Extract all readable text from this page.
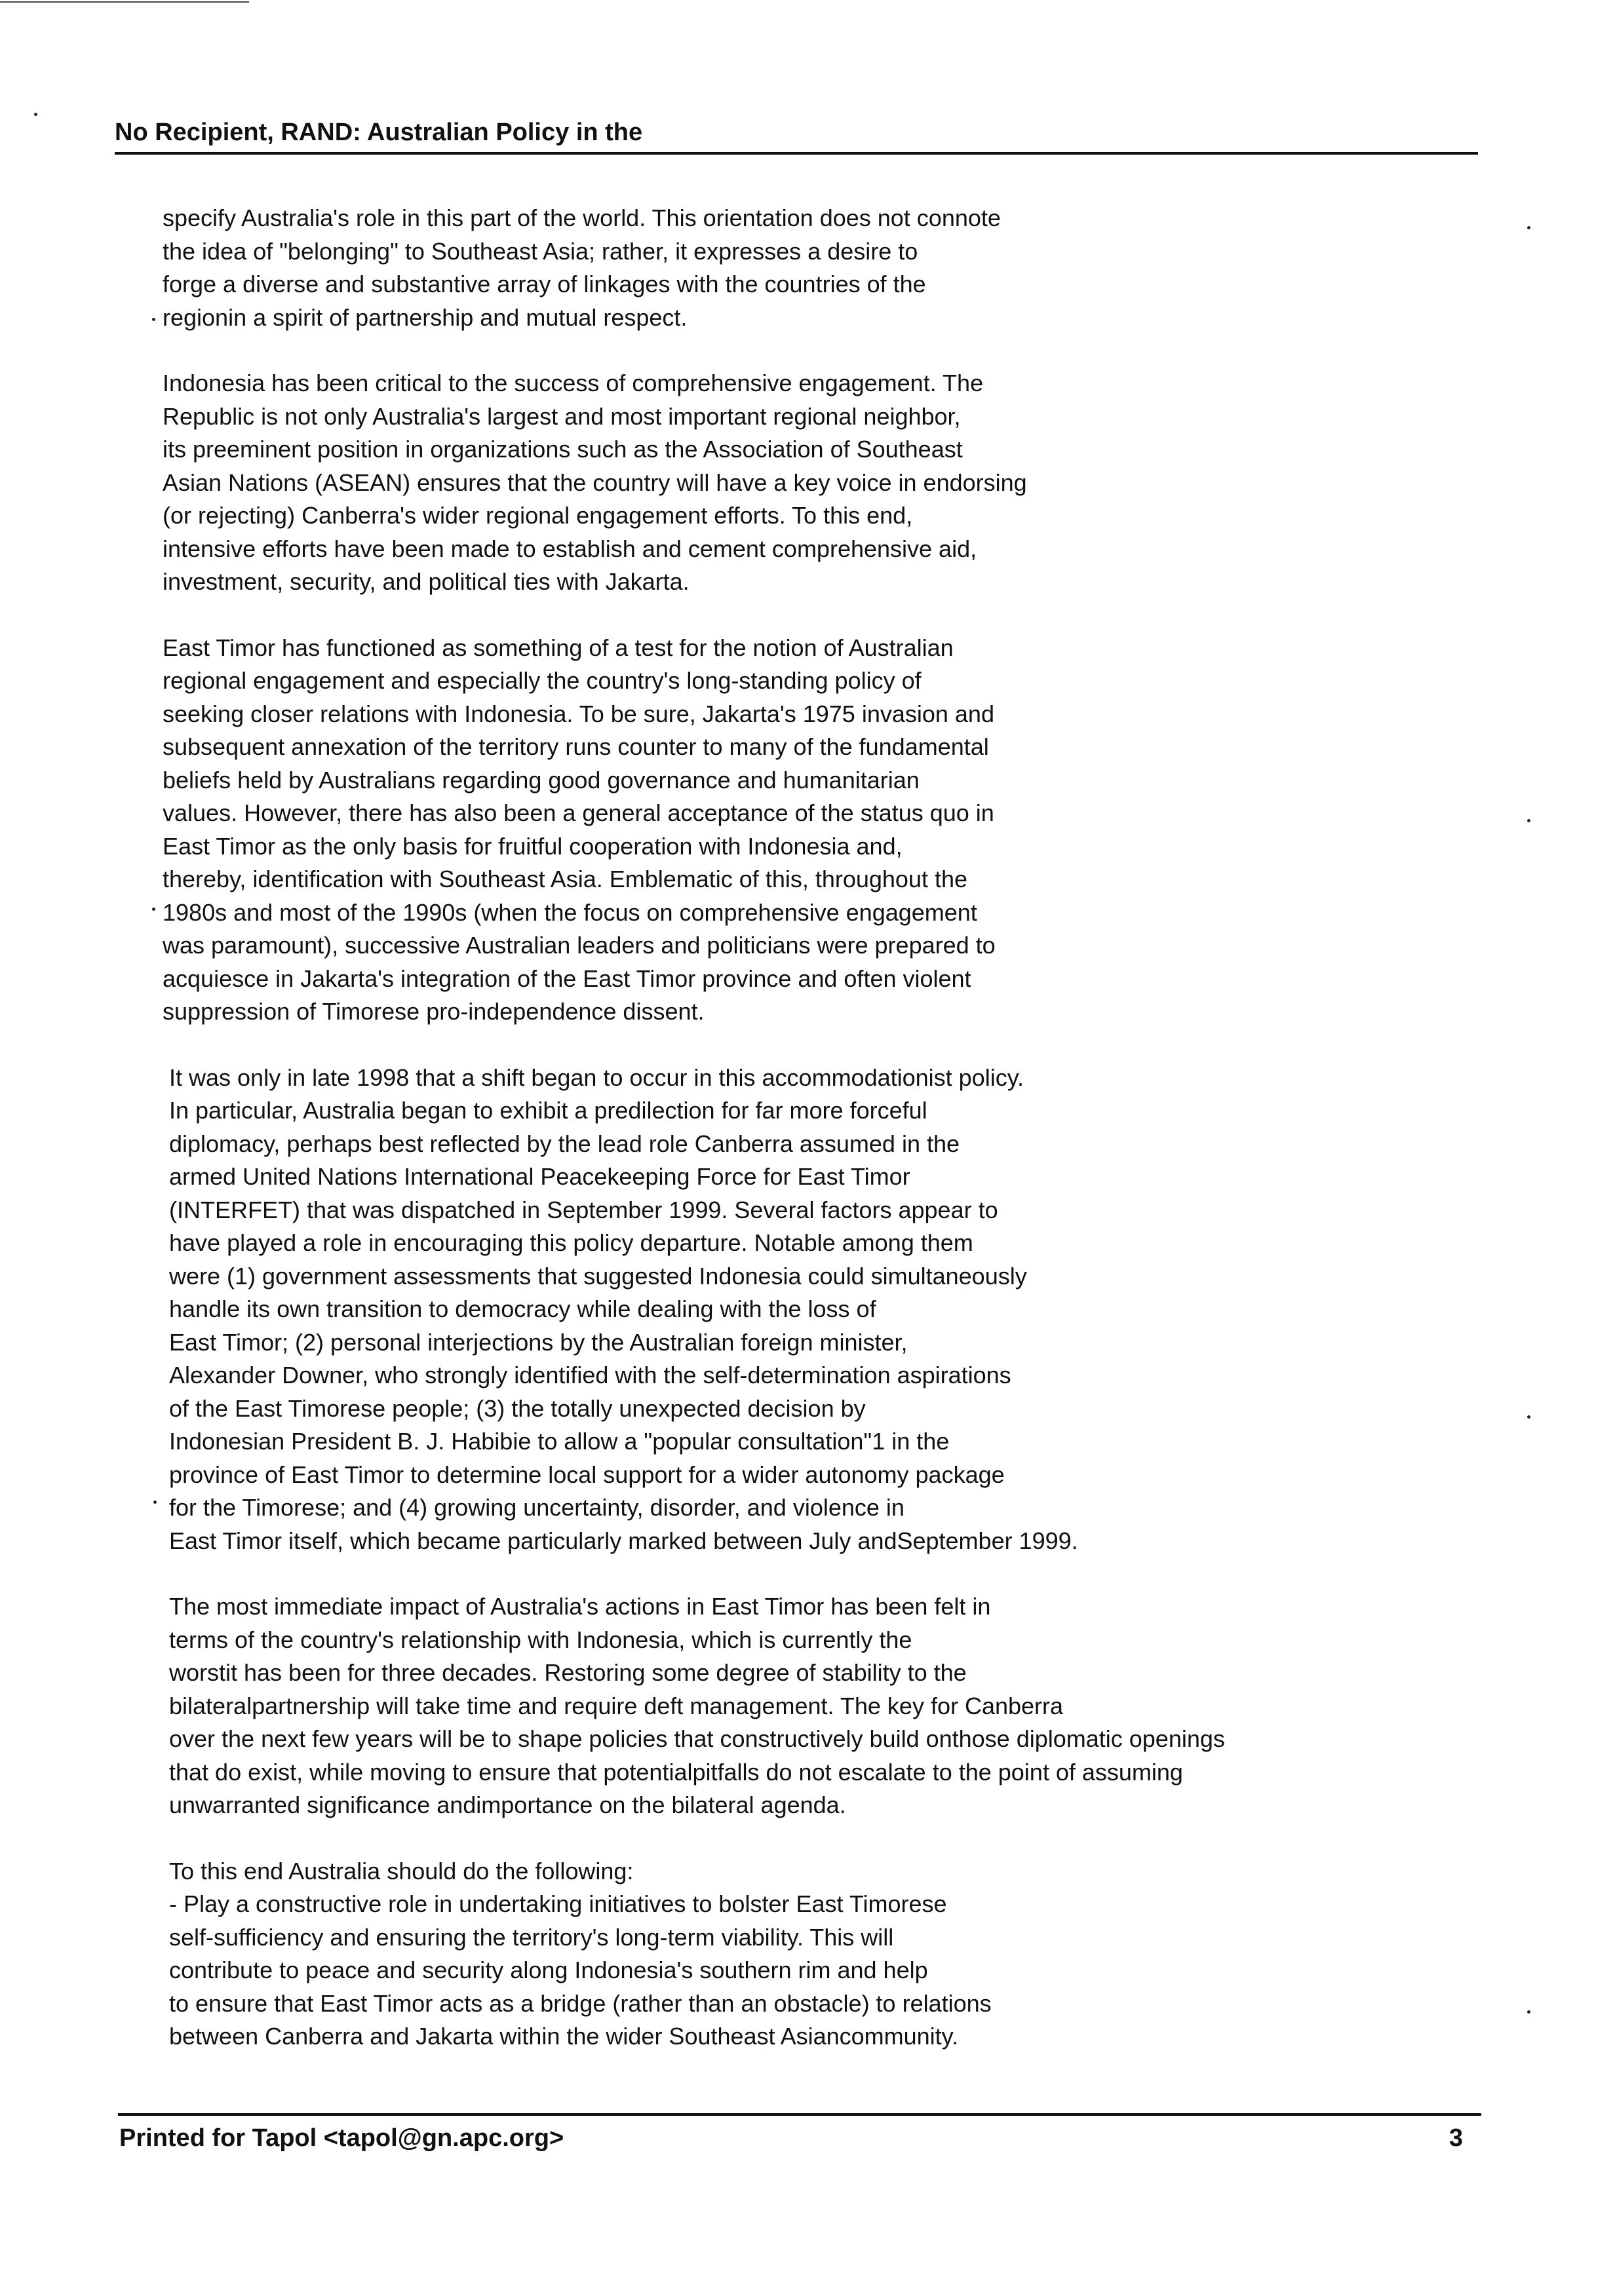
No Recipient, RAND: Australian Policy in the

specify Australia's role in this part of the world. This orientation does not connote
the idea of "belonging" to Southeast Asia; rather, it expresses a desire to
forge a diverse and substantive array of linkages with the countries of the
regionin a spirit of partnership and mutual respect.

Indonesia has been critical to the success of comprehensive engagement. The
Republic is not only Australia's largest and most important regional neighbor,
its preeminent position in organizations such as the Association of Southeast
Asian Nations (ASEAN) ensures that the country will have a key voice in endorsing
(or rejecting) Canberra's wider regional engagement efforts. To this end,
intensive efforts have been made to establish and cement comprehensive aid,
investment, security, and political ties with Jakarta.

East Timor has functioned as something of a test for the notion of Australian
regional engagement and especially the country's long-standing policy of
seeking closer relations with Indonesia. To be sure, Jakarta's 1975 invasion and
subsequent annexation of the territory runs counter to many of the fundamental
beliefs held by Australians regarding good governance and humanitarian
values. However, there has also been a general acceptance of the status quo in
East Timor as the only basis for fruitful cooperation with Indonesia and,
thereby, identification with Southeast Asia. Emblematic of this, throughout the
1980s and most of the 1990s (when the focus on comprehensive engagement
was paramount), successive Australian leaders and politicians were prepared to
acquiesce in Jakarta's integration of the East Timor province and often violent
suppression of Timorese pro-independence dissent.

It was only in late 1998 that a shift began to occur in this accommodationist policy.
In particular, Australia began to exhibit a predilection for far more forceful
diplomacy, perhaps best reflected by the lead role Canberra assumed in the
armed United Nations International Peacekeeping Force for East Timor
(INTERFET) that was dispatched in September 1999. Several factors appear to
have played a role in encouraging this policy departure. Notable among them
were (1) government assessments that suggested Indonesia could simultaneously
handle its own transition to democracy while dealing with the loss of
East Timor; (2) personal interjections by the Australian foreign minister,
Alexander Downer, who strongly identified with the self-determination aspirations
of the East Timorese people; (3) the totally unexpected decision by
Indonesian President B. J. Habibie to allow a "popular consultation"1 in the
province of East Timor to determine local support for a wider autonomy package
for the Timorese; and (4) growing uncertainty, disorder, and violence in
East Timor itself, which became particularly marked between July andSeptember 1999.

The most immediate impact of Australia's actions in East Timor has been felt in
terms of the country's relationship with Indonesia, which is currently the
worstit has been for three decades. Restoring some degree of stability to the
bilateralpartnership will take time and require deft management. The key for Canberra
over the next few years will be to shape policies that constructively build onthose diplomatic openings
that do exist, while moving to ensure that potentialpitfalls do not escalate to the point of assuming
unwarranted significance andimportance on the bilateral agenda.

To this end Australia should do the following:
- Play a constructive role in undertaking initiatives to bolster East Timorese
self-sufficiency and ensuring the territory's long-term viability. This will
contribute to peace and security along Indonesia's southern rim and help
to ensure that East Timor acts as a bridge (rather than an obstacle) to relations
between Canberra and Jakarta within the wider Southeast Asiancommunity.

Printed for Tapol <tapol@gn.apc.org>	3
